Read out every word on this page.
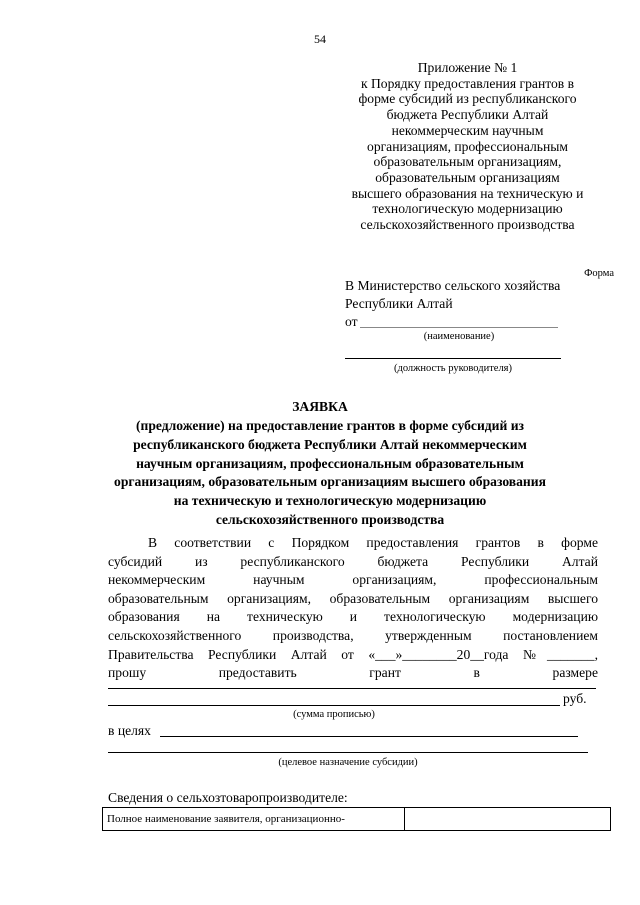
54
Приложение № 1
к Порядку предоставления грантов в
форме субсидий из республиканского
бюджета Республики Алтай
некоммерческим научным
организациям, профессиональным
образовательным организациям,
образовательным организациям
высшего образования на техническую и
технологическую модернизацию
сельскохозяйственного производства
Форма
В Министерство сельского хозяйства
Республики Алтай
от
(наименование)
(должность руководителя)
ЗАЯВКА
(предложение) на предоставление грантов в форме субсидий из
республиканского бюджета Республики Алтай некоммерческим
научным организациям, профессиональным образовательным
организациям, образовательным организациям высшего образования
на техническую и технологическую модернизацию
сельскохозяйственного производства
В соответствии с Порядком предоставления грантов в форме
субсидий из республиканского бюджета Республики Алтай
некоммерческим научным организациям, профессиональным
образовательным организациям, образовательным организациям высшего
образования на техническую и технологическую модернизацию
сельскохозяйственного производства, утвержденным постановлением
Правительства Республики Алтай от «___»________20__года №_______,
прошу предоставить грант в размере
руб.
(сумма прописью)
в целях
(целевое назначение субсидии)
Сведения о сельхозтоваропроизводителе:
Полное наименование заявителя, организационно-	
